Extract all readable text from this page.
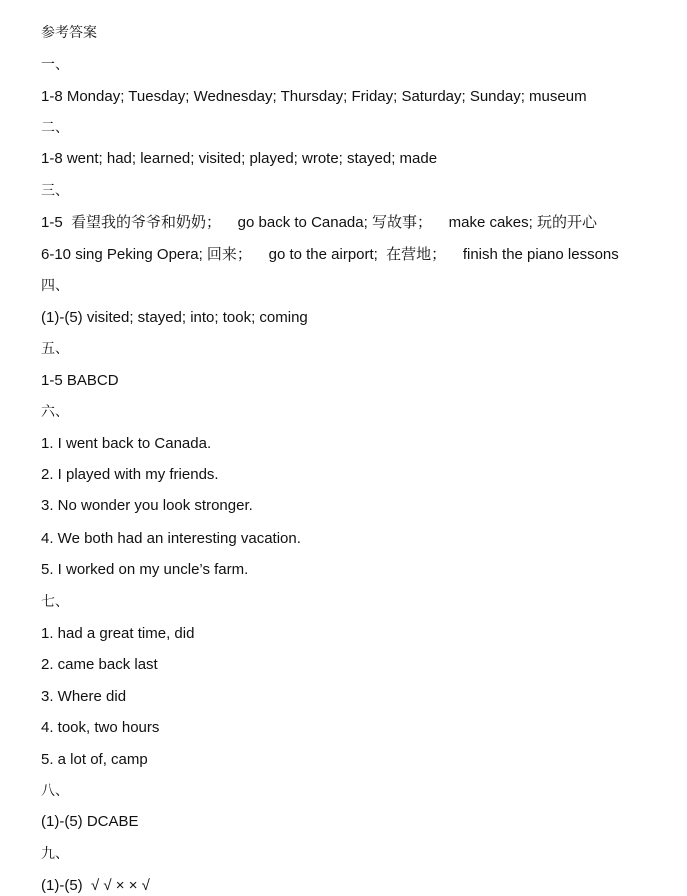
参考答案
一、
1-8 Monday; Tuesday; Wednesday; Thursday; Friday; Saturday; Sunday; museum
二、
1-8 went; had; learned; visited; played; wrote; stayed; made
三、
1-5  看望我的爷爷和奶奶；    go back to Canada; 写故事；    make cakes; 玩的开心
6-10 sing Peking Opera; 回来；    go to the airport;  在营地；    finish the piano lessons
四、
(1)-(5) visited; stayed; into; took; coming
五、
1-5 BABCD
六、
1. I went back to Canada.
2. I played with my friends.
3. No wonder you look stronger.
4. We both had an interesting vacation.
5. I worked on my uncle’s farm.
七、
1. had a great time, did
2. came back last
3. Where did
4. took, two hours
5. a lot of, camp
八、
(1)-(5) DCABE
九、
(1)-(5)  √ √ × × √
